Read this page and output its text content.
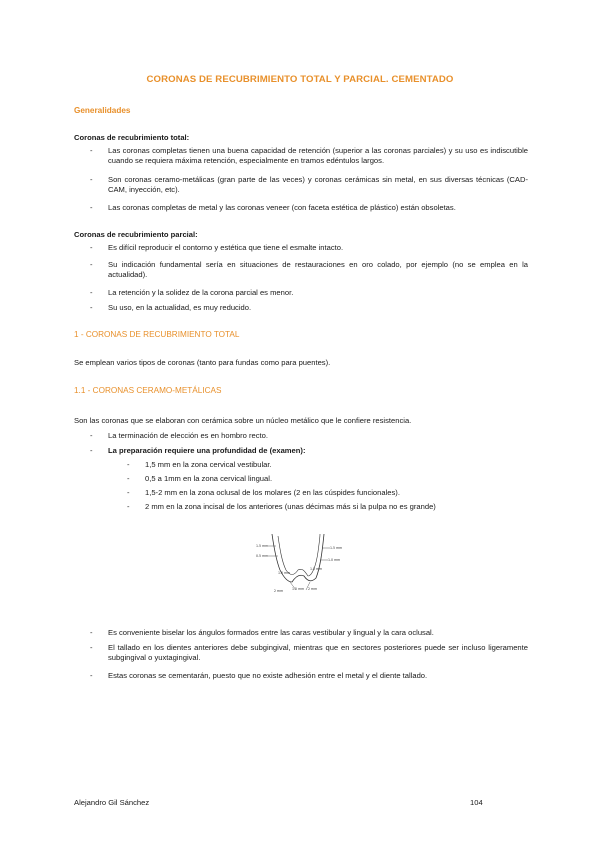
CORONAS DE RECUBRIMIENTO TOTAL Y PARCIAL. CEMENTADO
Generalidades
Coronas de recubrimiento total:
- Las coronas completas tienen una buena capacidad de retención (superior a las coronas parciales) y su uso es indiscutible cuando se requiera máxima retención, especialmente en tramos edéntulos largos.
- Son coronas ceramo-metálicas (gran parte de las veces) y coronas cerámicas sin metal, en sus diversas técnicas (CAD-CAM, inyección, etc).
- Las coronas completas de metal y las coronas veneer (con faceta estética de plástico) están obsoletas.
Coronas de recubrimiento parcial:
- Es difícil reproducir el contorno y estética que tiene el esmalte intacto.
- Su indicación fundamental sería en situaciones de restauraciones en oro colado, por ejemplo (no se emplea en la actualidad).
- La retención y la solidez de la corona parcial es menor.
- Su uso, en la actualidad, es muy reducido.
1 - CORONAS DE RECUBRIMIENTO TOTAL
Se emplean varios tipos de coronas (tanto para fundas como para puentes).
1.1 - CORONAS CERAMO-METÁLICAS
Son las coronas que se elaboran con cerámica sobre un núcleo metálico que le confiere resistencia.
- La terminación de elección es en hombro recto.
- La preparación requiere una profundidad de (examen):
- 1,5 mm en la zona cervical vestibular.
- 0,5 a 1mm en la zona cervical lingual.
- 1,5-2 mm en la zona oclusal de los molares (2 en las cúspides funcionales).
- 2 mm en la zona incisal de los anteriores (unas décimas más si la pulpa no es grande)
1.5 mm
0.5 mm
1.5 mm
1.0 mm
1.5 mm
1.5 mm
2 mm	1.5 mm 2 mm
- Es conveniente biselar los ángulos formados entre las caras vestibular y lingual y la cara oclusal.
- El tallado en los dientes anteriores debe subgingival, mientras que en sectores posteriores puede ser incluso ligeramente subgingival o yuxtagingival.
- Estas coronas se cementarán, puesto que no existe adhesión entre el metal y el diente tallado.
Alejandro Gil Sánchez	104
